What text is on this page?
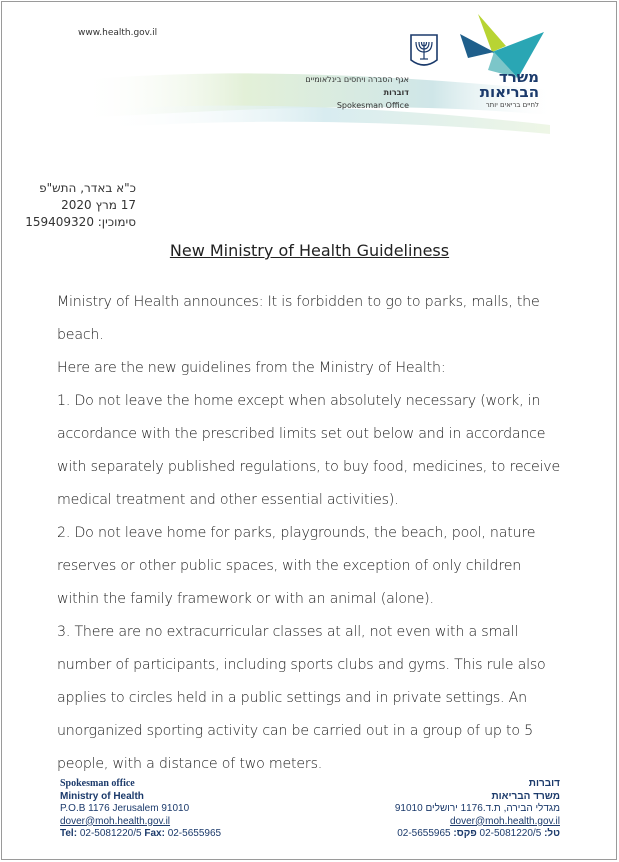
www.health.gov.il
אגף הסברה ויחסים בינלאומיים
דוברות
Spokesman Office
משרד
הבריאות
לחיים בריאים יותר
כ"א באדר, התש"פ
17 מרץ 2020
סימוכין: 159409320
New Ministry of Health Guideliness

Ministry of Health announces: It is forbidden to go to parks, malls, the beach.

Here are the new guidelines from the Ministry of Health:

1. Do not leave the home except when absolutely necessary (work, in accordance with the prescribed limits set out below and in accordance with separately published regulations, to buy food, medicines, to receive medical treatment and other essential activities).

2. Do not leave home for parks, playgrounds, the beach, pool, nature reserves or other public spaces, with the exception of only children within the family framework or with an animal (alone).

3. There are no extracurricular classes at all, not even with a small number of participants, including sports clubs and gyms. This rule also applies to circles held in a public settings and in private settings. An unorganized sporting activity can be carried out in a group of up to 5 people, with a distance of two meters.

Spokesman office
Ministry of Health
P.O.B 1176 Jerusalem 91010
dover@moh.health.gov.il
Tel: 02-5081220/5 Fax: 02-5655965
דוברות
משרד הבריאות
מגדלי הבירה, ת.ד.1176 ירושלים 91010
dover@moh.health.gov.il
טל: 02-5081220/5 פקס: 02-5655965
